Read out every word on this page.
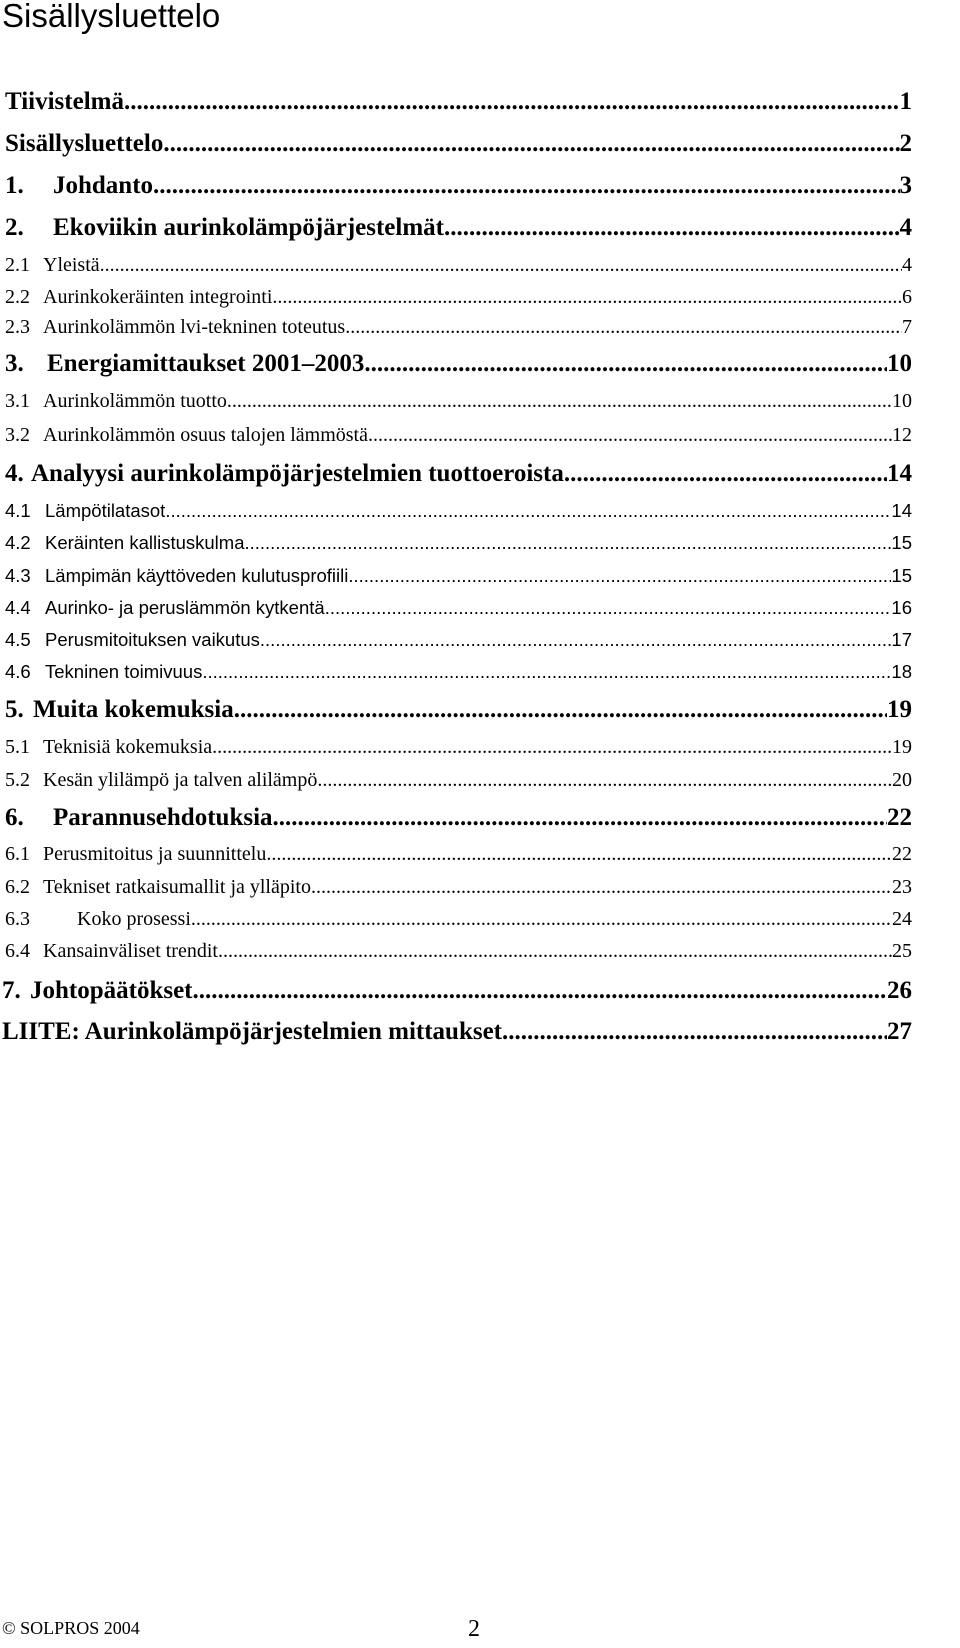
Sisällysluettelo
Tiivistelmä .....	1
Sisällysluettelo .....	2
1.	Johdanto .....	3
2.	Ekoviikin aurinkolämpöjärjestelmät .....	4
2.1 Yleistä .....	4
2.2 Aurinkokeräinten integrointi .....	6
2.3 Aurinkolämmön lvi-tekninen toteutus .....	7
3. Energiamittaukset 2001–2003 .....	10
3.1 Aurinkolämmön tuotto .....	10
3.2 Aurinkolämmön osuus talojen lämmöstä .....	12
4. Analyysi aurinkolämpöjärjestelmien tuottoeroista .....	14
4.1 Lämpötilatasot .....	14
4.2 Keräinten kallistuskulma .....	15
4.3 Lämpimän käyttöveden kulutusprofiili .....	15
4.4 Aurinko- ja peruslämmön kytkentä .....	16
4.5 Perusmitoituksen vaikutus .....	17
4.6 Tekninen toimivuus .....	18
5. Muita kokemuksia .....	19
5.1 Teknisiä kokemuksia .....	19
5.2 Kesän ylilämpö ja talven alilämpö .....	20
6.	Parannusehdotuksia .....	22
6.1 Perusmitoitus ja suunnittelu .....	22
6.2 Tekniset ratkaisumallit ja ylläpito .....	23
6.3	Koko prosessi .....	24
6.4 Kansainväliset trendit .....	25
7. Johtopäätökset .....	26
LIITE: Aurinkolämpöjärjestelmien mittaukset .....	27
© SOLPROS 2004	2
